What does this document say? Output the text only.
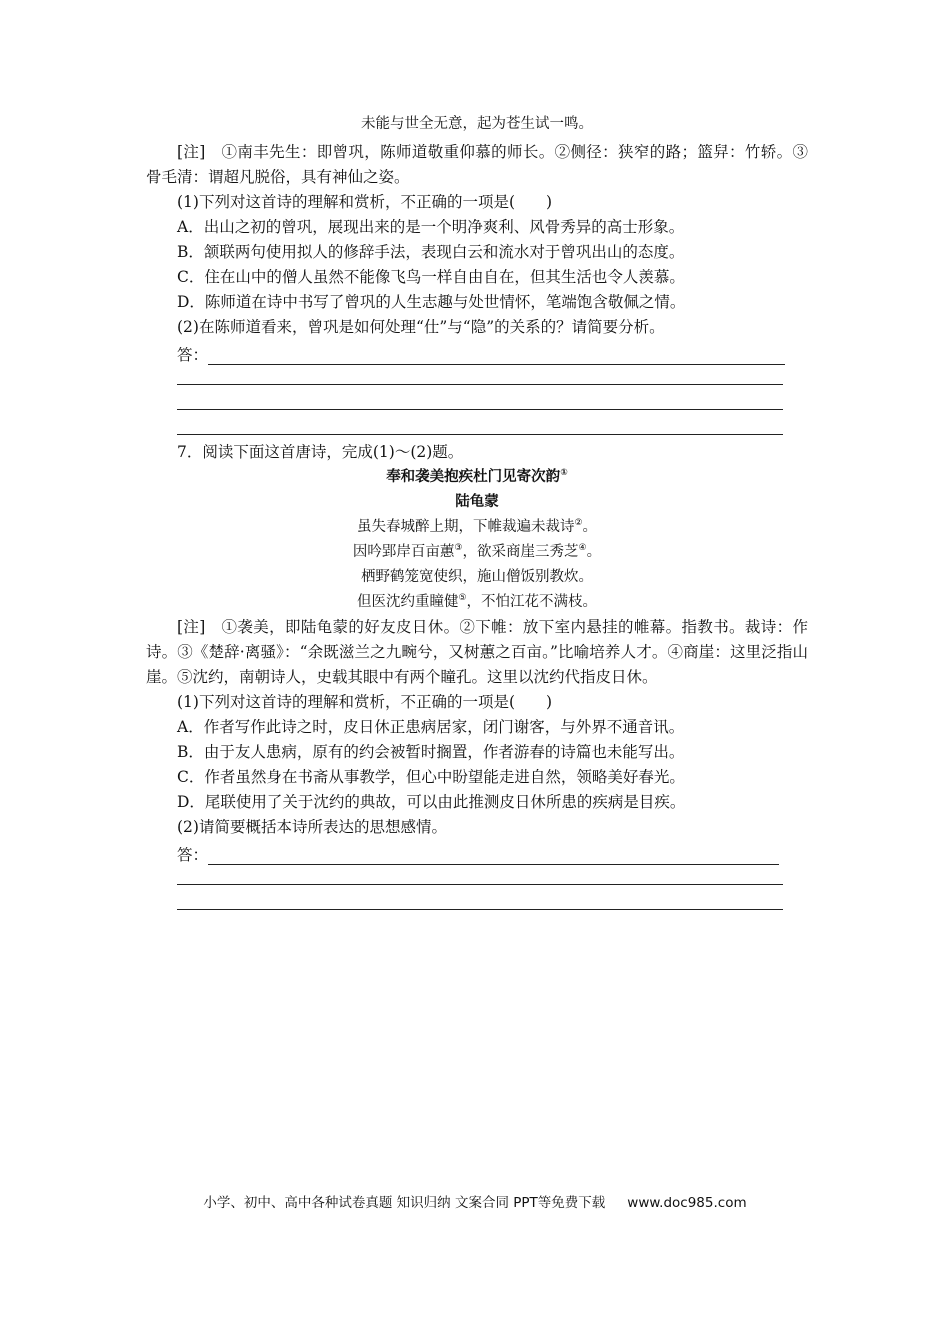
未能与世全无意，起为苍生试一鸣。
[注]　①南丰先生：即曾巩，陈师道敬重仰慕的师长。②侧径：狭窄的路；篮舁：竹轿。③骨毛清：谓超凡脱俗，具有神仙之姿。
(1)下列对这首诗的理解和赏析，不正确的一项是(　　)
A．出山之初的曾巩，展现出来的是一个明净爽利、风骨秀异的高士形象。
B．颔联两句使用拟人的修辞手法，表现白云和流水对于曾巩出山的态度。
C．住在山中的僧人虽然不能像飞鸟一样自由自在，但其生活也令人羡慕。
D．陈师道在诗中书写了曾巩的人生志趣与处世情怀，笔端饱含敬佩之情。
(2)在陈师道看来，曾巩是如何处理“仕”与“隐”的关系的？请简要分析。
答：
7．阅读下面这首唐诗，完成(1)～(2)题。
奉和袭美抱疾杜门见寄次韵①
陆龟蒙
虽失春城醉上期，下帷裁遍未裁诗②。
因吟郢岸百亩蕙③，欲采商崖三秀芝④。
栖野鹤笼宽使织，施山僧饭别教炊。
但医沈约重瞳健⑤，不怕江花不满枝。
[注]　①袭美，即陆龟蒙的好友皮日休。②下帷：放下室内悬挂的帷幕。指教书。裁诗：作诗。③《楚辞·离骚》：“余既滋兰之九畹兮，又树蕙之百亩。”比喻培养人才。④商崖：这里泛指山崖。⑤沈约，南朝诗人，史载其眼中有两个瞳孔。这里以沈约代指皮日休。
(1)下列对这首诗的理解和赏析，不正确的一项是(　　)
A．作者写作此诗之时，皮日休正患病居家，闭门谢客，与外界不通音讯。
B．由于友人患病，原有的约会被暂时搁置，作者游春的诗篇也未能写出。
C．作者虽然身在书斋从事教学，但心中盼望能走进自然，领略美好春光。
D．尾联使用了关于沈约的典故，可以由此推测皮日休所患的疾病是目疾。
(2)请简要概括本诗所表达的思想感情。
答：
小学、初中、高中各种试卷真题 知识归纳 文案合同 PPT等免费下载 www.doc985.com
